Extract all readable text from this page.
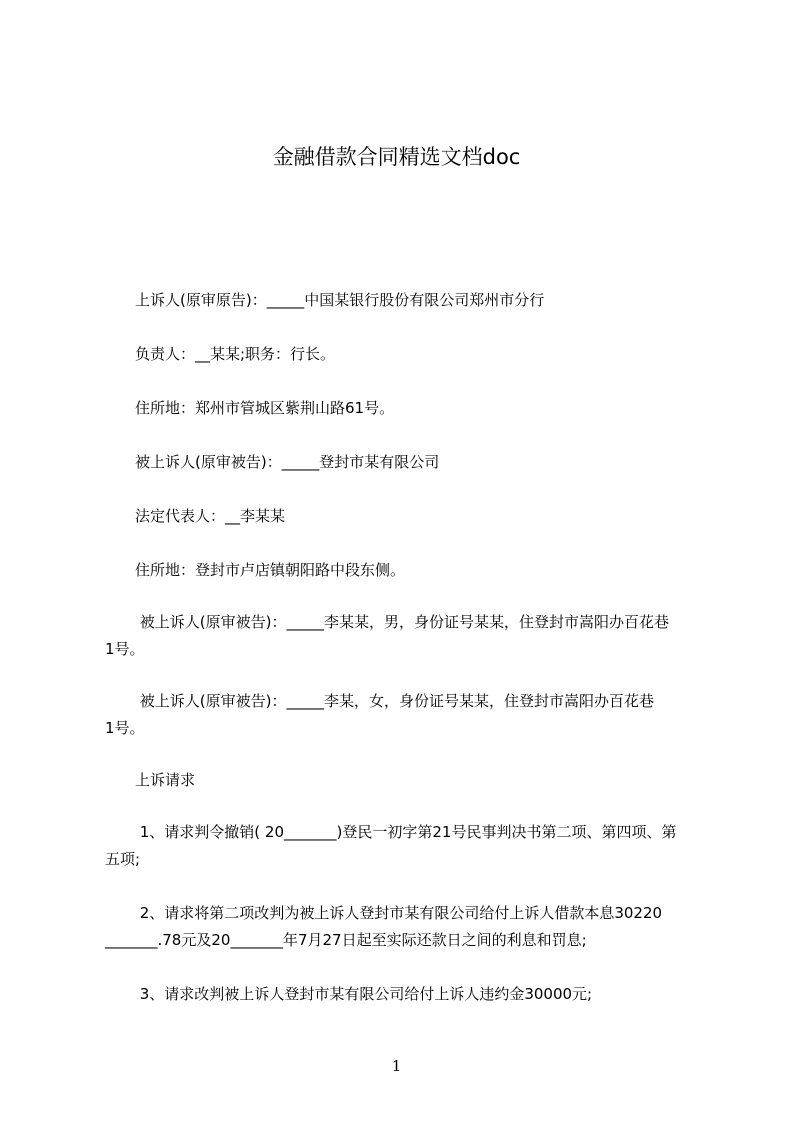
金融借款合同精选文档doc
　　上诉人(原审原告)：_____中国某银行股份有限公司郑州市分行
　　负责人：__某某;职务：行长。
　　住所地：郑州市管城区紫荆山路61号。
　　被上诉人(原审被告)：_____登封市某有限公司
　　法定代表人：__李某某
　　住所地：登封市卢店镇朝阳路中段东侧。
　　 被上诉人(原审被告)：_____李某某，男，身份证号某某，住登封市嵩阳办百花巷
1号。
　　 被上诉人(原审被告)：_____李某，女，身份证号某某，住登封市嵩阳办百花巷
1号。
　　上诉请求
　　 1、请求判令撤销( 20_______)登民一初字第21号民事判决书第二项、第四项、第
五项;
　　 2、请求将第二项改判为被上诉人登封市某有限公司给付上诉人借款本息30220
_______.78元及20_______年7月27日起至实际还款日之间的利息和罚息;
　　 3、请求改判被上诉人登封市某有限公司给付上诉人违约金30000元;
1
